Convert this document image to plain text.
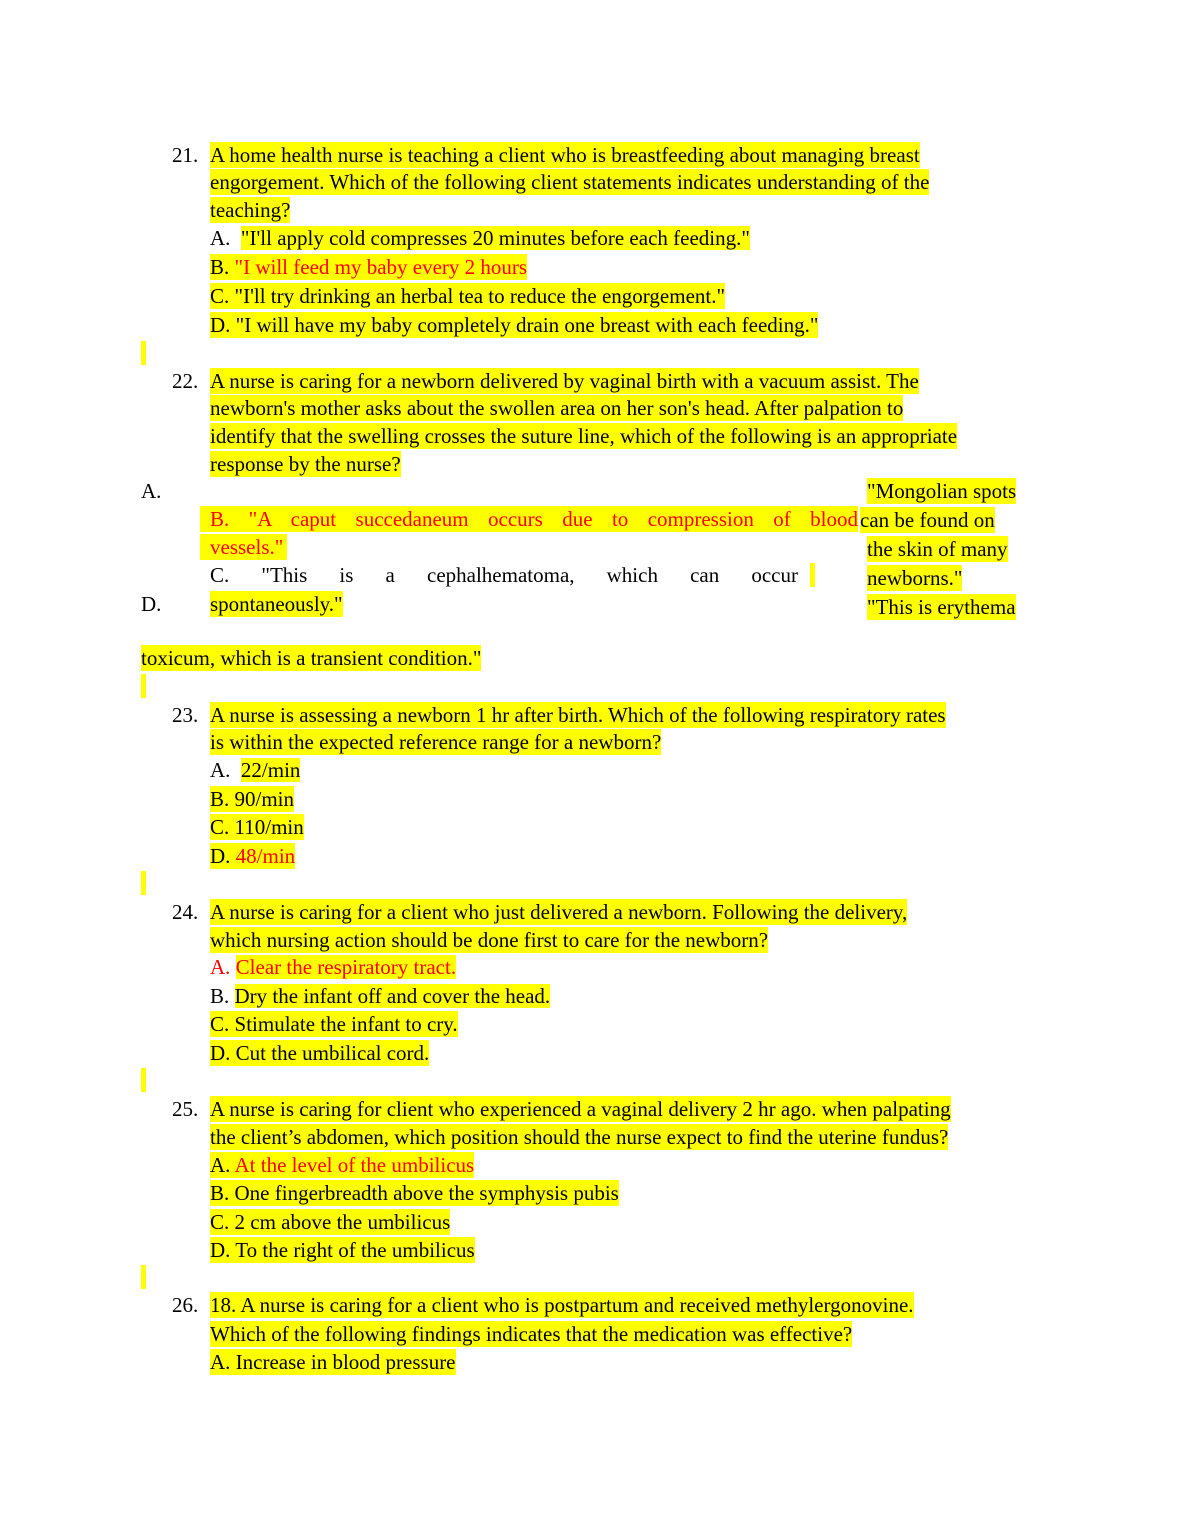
21. A home health nurse is teaching a client who is breastfeeding about managing breast
engorgement. Which of the following client statements indicates understanding of the
teaching?
A. "I'll apply cold compresses 20 minutes before each feeding."
B. "I will feed my baby every 2 hours
C. "I'll try drinking an herbal tea to reduce the engorgement."
D. "I will have my baby completely drain one breast with each feeding."
22. A nurse is caring for a newborn delivered by vaginal birth with a vacuum assist. The
newborn's mother asks about the swollen area on her son's head. After palpation to
identify that the swelling crosses the suture line, which of the following is an appropriate
response by the nurse?
A.
D.
B. "A caput succedaneum occurs due to compression of blood
vessels."
C. "This is a cephalhematoma, which can occur
spontaneously."
"Mongolian spots
can be found on
the skin of many
newborns."
"This is erythema
toxicum, which is a transient condition."
23. A nurse is assessing a newborn 1 hr after birth. Which of the following respiratory rates
is within the expected reference range for a newborn?
A. 22/min
B. 90/min
C. 110/min
D. 48/min
24. A nurse is caring for a client who just delivered a newborn. Following the delivery,
which nursing action should be done first to care for the newborn?
A. Clear the respiratory tract.
B. Dry the infant off and cover the head.
C. Stimulate the infant to cry.
D. Cut the umbilical cord.
25. A nurse is caring for client who experienced a vaginal delivery 2 hr ago. when palpating
the client’s abdomen, which position should the nurse expect to find the uterine fundus?
A. At the level of the umbilicus
B. One fingerbreadth above the symphysis pubis
C. 2 cm above the umbilicus
D. To the right of the umbilicus
26. 18. A nurse is caring for a client who is postpartum and received methylergonovine.
Which of the following findings indicates that the medication was effective?
A. Increase in blood pressure
